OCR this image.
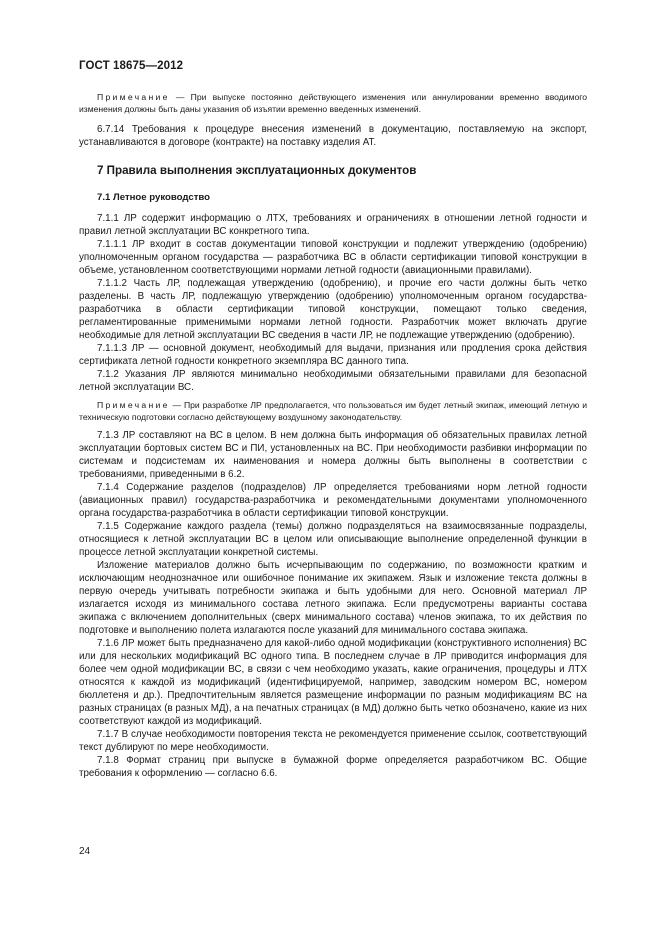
ГОСТ 18675—2012

Примечание — При выпуске постоянно действующего изменения или аннулировании временно вводимого изменения должны быть даны указания об изъятии временно введенных изменений.

6.7.14 Требования к процедуре внесения изменений в документацию, поставляемую на экспорт, устанавливаются в договоре (контракте) на поставку изделия АТ.

7 Правила выполнения эксплуатационных документов
7.1 Летное руководство

7.1.1 ЛР содержит информацию о ЛТХ, требованиях и ограничениях в отношении летной годности и правил летной эксплуатации ВС конкретного типа.

7.1.1.1 ЛР входит в состав документации типовой конструкции и подлежит утверждению (одобрению) уполномоченным органом государства — разработчика ВС в области сертификации типовой конструкции в объеме, установленном соответствующими нормами летной годности (авиационными правилами).

7.1.1.2 Часть ЛР, подлежащая утверждению (одобрению), и прочие его части должны быть четко разделены. В часть ЛР, подлежащую утверждению (одобрению) уполномоченным органом государства-разработчика в области сертификации типовой конструкции, помещают только сведения, регламентированные применимыми нормами летной годности. Разработчик может включать другие необходимые для летной эксплуатации ВС сведения в части ЛР, не подлежащие утверждению (одобрению).

7.1.1.3 ЛР — основной документ, необходимый для выдачи, признания или продления срока действия сертификата летной годности конкретного экземпляра ВС данного типа.

7.1.2 Указания ЛР являются минимально необходимыми обязательными правилами для безопасной летной эксплуатации ВС.

Примечание — При разработке ЛР предполагается, что пользоваться им будет летный экипаж, имеющий летную и техническую подготовки согласно действующему воздушному законодательству.

7.1.3 ЛР составляют на ВС в целом. В нем должна быть информация об обязательных правилах летной эксплуатации бортовых систем ВС и ПИ, установленных на ВС. При необходимости разбивки информации по системам и подсистемам их наименования и номера должны быть выполнены в соответствии с требованиями, приведенными в 6.2.

7.1.4 Содержание разделов (подразделов) ЛР определяется требованиями норм летной годности (авиационных правил) государства-разработчика и рекомендательными документами уполномоченного органа государства-разработчика в области сертификации типовой конструкции.

7.1.5 Содержание каждого раздела (темы) должно подразделяться на взаимосвязанные подразделы, относящиеся к летной эксплуатации ВС в целом или описывающие выполнение определенной функции в процессе летной эксплуатации конкретной системы.

Изложение материалов должно быть исчерпывающим по содержанию, по возможности кратким и исключающим неоднозначное или ошибочное понимание их экипажем. Язык и изложение текста должны в первую очередь учитывать потребности экипажа и быть удобными для него. Основной материал ЛР излагается исходя из минимального состава летного экипажа. Если предусмотрены варианты состава экипажа с включением дополнительных (сверх минимального состава) членов экипажа, то их действия по подготовке и выполнению полета излагаются после указаний для минимального состава экипажа.

7.1.6 ЛР может быть предназначено для какой-либо одной модификации (конструктивного исполнения) ВС или для нескольких модификаций ВС одного типа. В последнем случае в ЛР приводится информация для более чем одной модификации ВС, в связи с чем необходимо указать, какие ограничения, процедуры и ЛТХ относятся к каждой из модификаций (идентифицируемой, например, заводским номером ВС, номером бюллетеня и др.). Предпочтительным является размещение информации по разным модификациям ВС на разных страницах (в разных МД), а на печатных страницах (в МД) должно быть четко обозначено, какие из них соответствуют каждой из модификаций.

7.1.7 В случае необходимости повторения текста не рекомендуется применение ссылок, соответствующий текст дублируют по мере необходимости.

7.1.8 Формат страниц при выпуске в бумажной форме определяется разработчиком ВС. Общие требования к оформлению — согласно 6.6.

24
